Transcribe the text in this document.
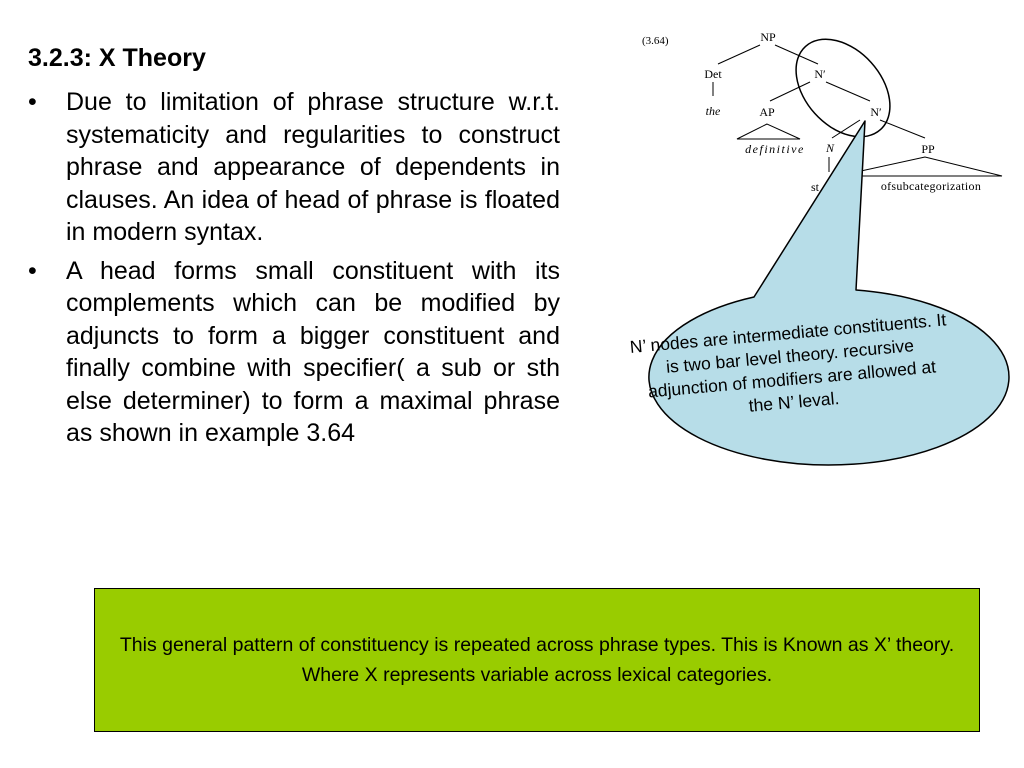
3.2.3: X Theory
• Due to limitation of phrase structure w.r.t. systematicity and regularities to construct phrase and appearance of dependents in clauses. An idea of head of phrase is floated in modern syntax.
• A head forms small constituent with its complements which can be modified by adjuncts to form a bigger constituent and finally combine with specifier( a sub or sth else determiner) to form a maximal phrase as shown in example 3.64
(3.64)	NP
Det	N′
the	AP	N′
definitive N	PP
st	ofsubcategorization
N’ nodes are intermediate constituents. It is two bar level theory. recursive adjunction of modifiers are allowed at the N’ leval.

This general pattern of constituency is repeated across phrase types. This is Known as X’ theory. Where X represents variable across lexical categories.
